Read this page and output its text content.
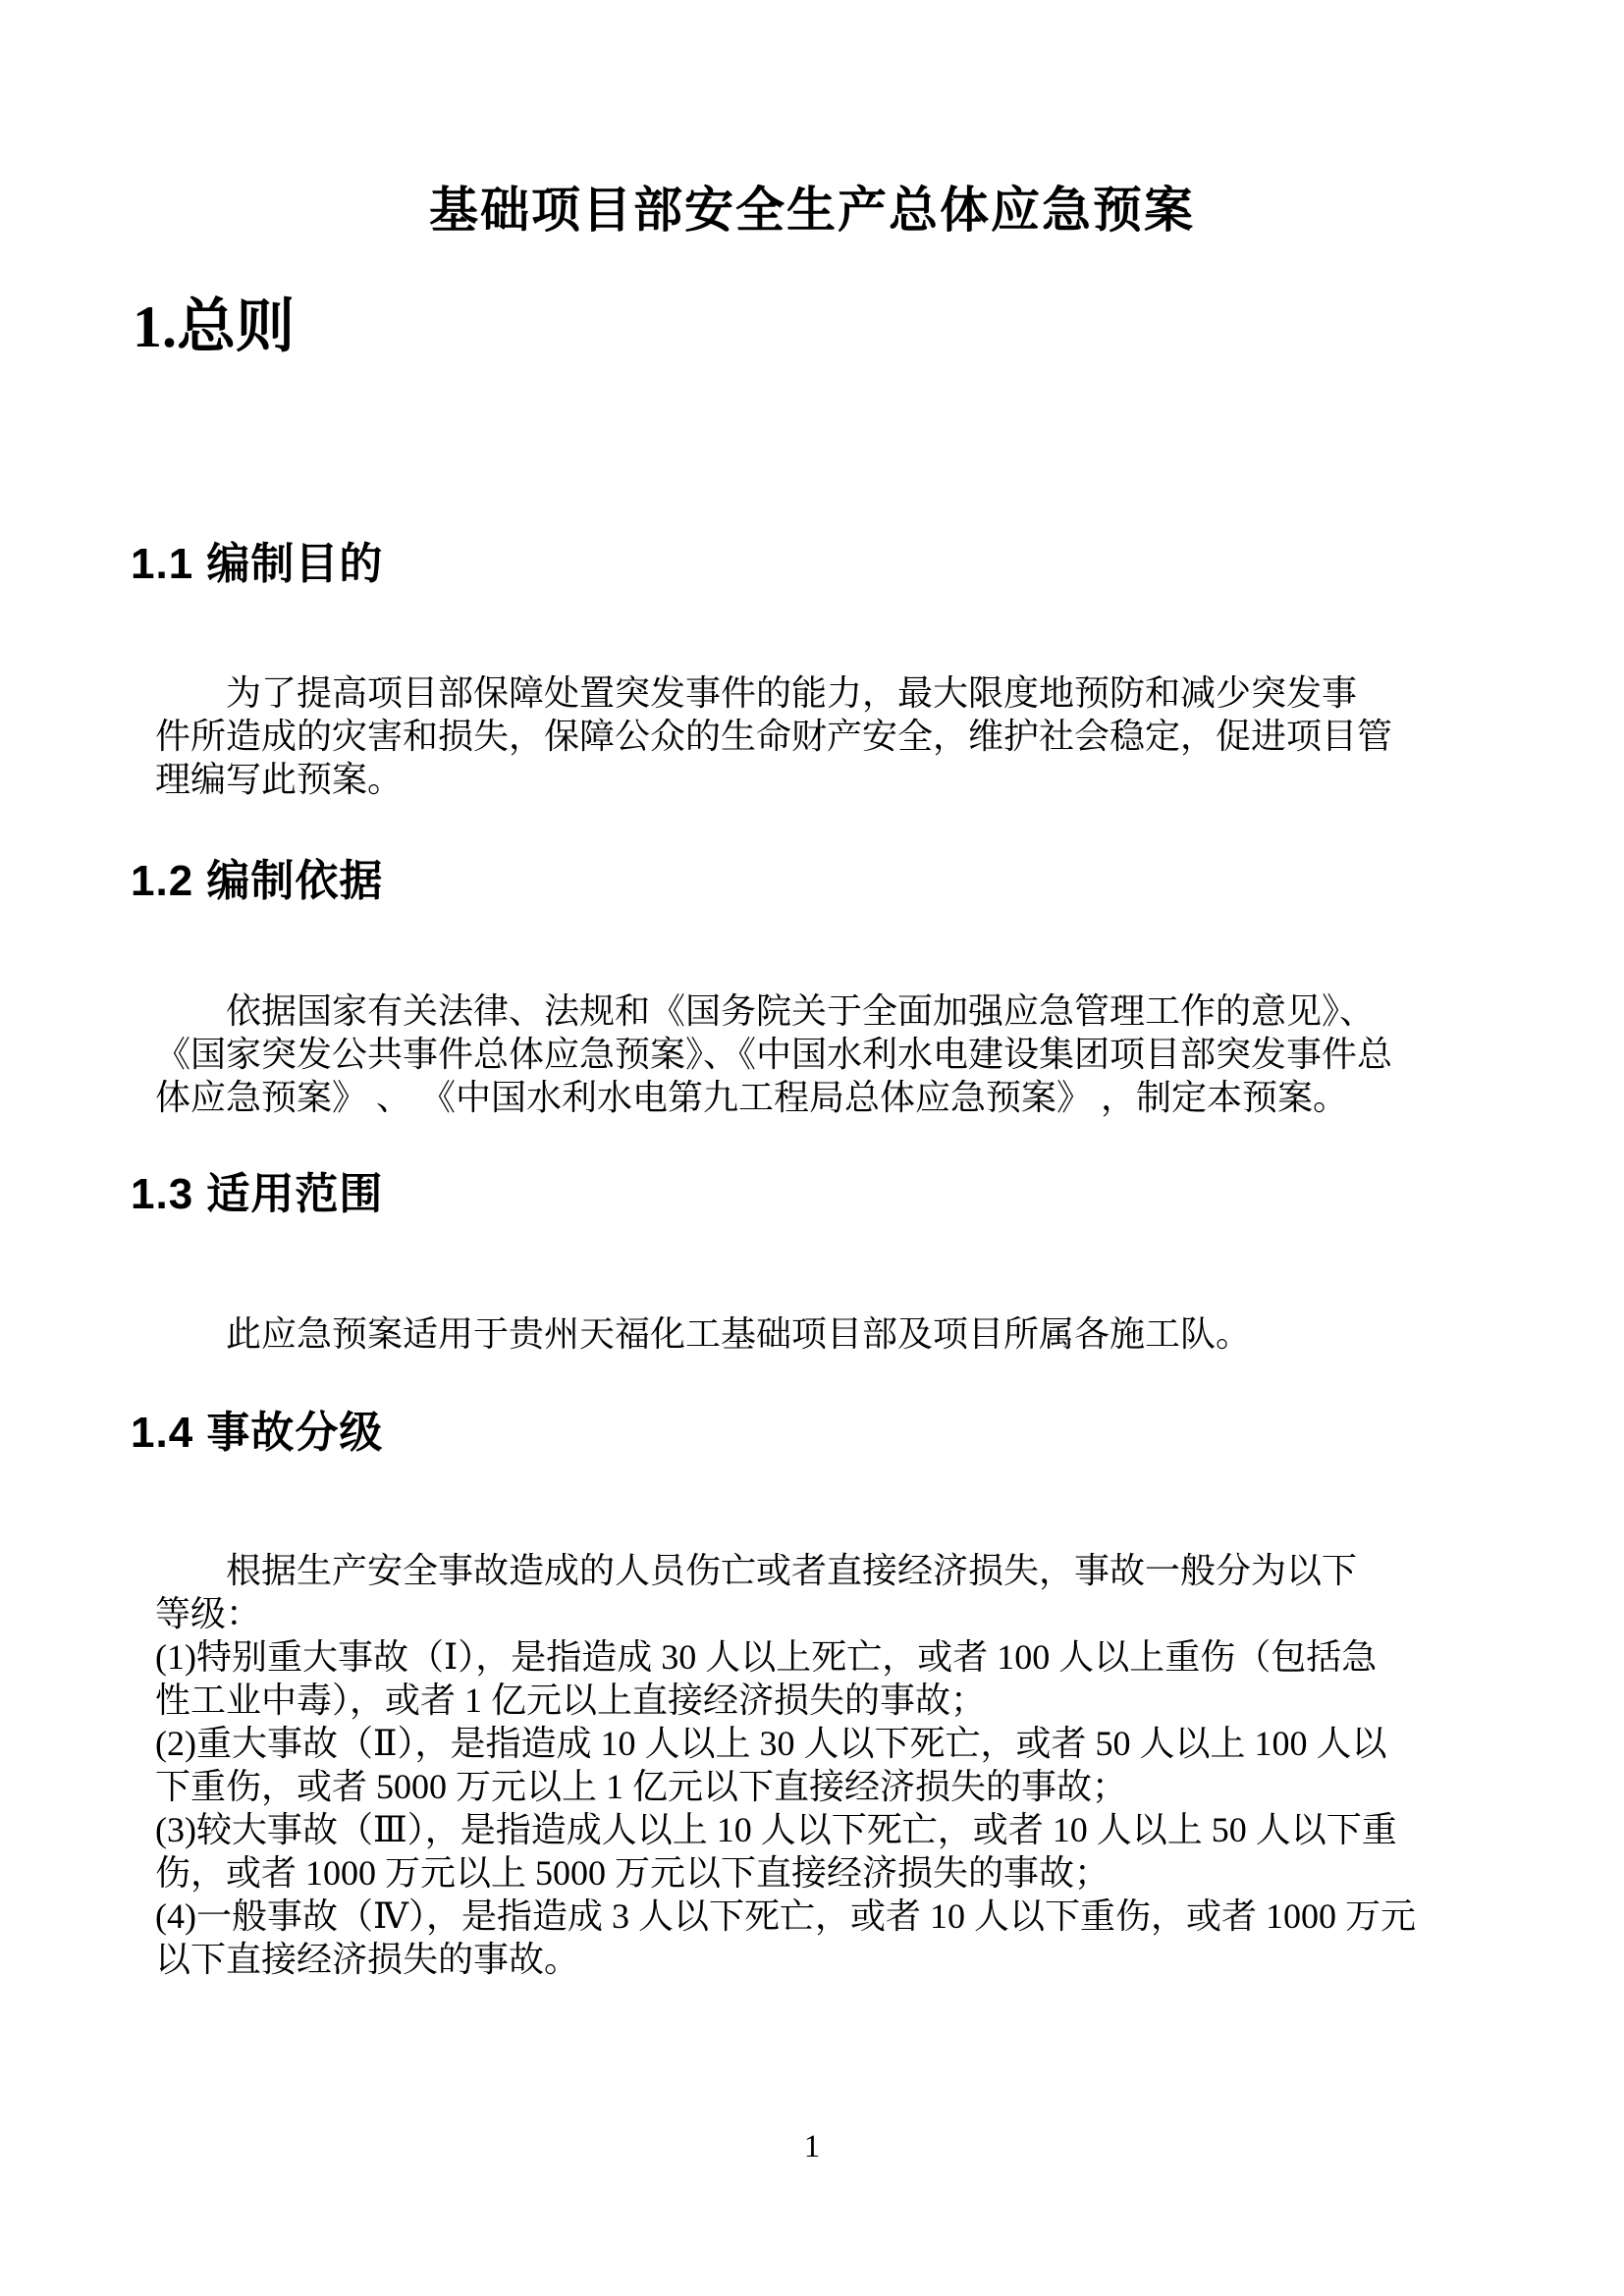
基础项目部安全生产总体应急预案
1.总则
1.1 编制目的
为了提高项目部保障处置突发事件的能力，最大限度地预防和减少突发事
件所造成的灾害和损失，保障公众的生命财产安全，维护社会稳定，促进项目管
理编写此预案。
1.2 编制依据
依据国家有关法律、法规和《国务院关于全面加强应急管理工作的意见》、
《国家突发公共事件总体应急预案》、《中国水利水电建设集团项目部突发事件总
体应急预案》 、 《中国水利水电第九工程局总体应急预案》 ，制定本预案。
1.3 适用范围
此应急预案适用于贵州天福化工基础项目部及项目所属各施工队。
1.4 事故分级
根据生产安全事故造成的人员伤亡或者直接经济损失，事故一般分为以下
等级：
(1)特别重大事故（Ⅰ），是指造成 30 人以上死亡，或者 100 人以上重伤（包括急
性工业中毒），或者 1 亿元以上直接经济损失的事故；
(2)重大事故（Ⅱ），是指造成 10 人以上 30 人以下死亡，或者 50 人以上 100 人以
下重伤，或者 5000 万元以上 1 亿元以下直接经济损失的事故；
(3)较大事故（Ⅲ），是指造成人以上 10 人以下死亡，或者 10 人以上 50 人以下重
伤，或者 1000 万元以上 5000 万元以下直接经济损失的事故；
(4)一般事故（Ⅳ），是指造成 3 人以下死亡，或者 10 人以下重伤，或者 1000 万元
以下直接经济损失的事故。
1
